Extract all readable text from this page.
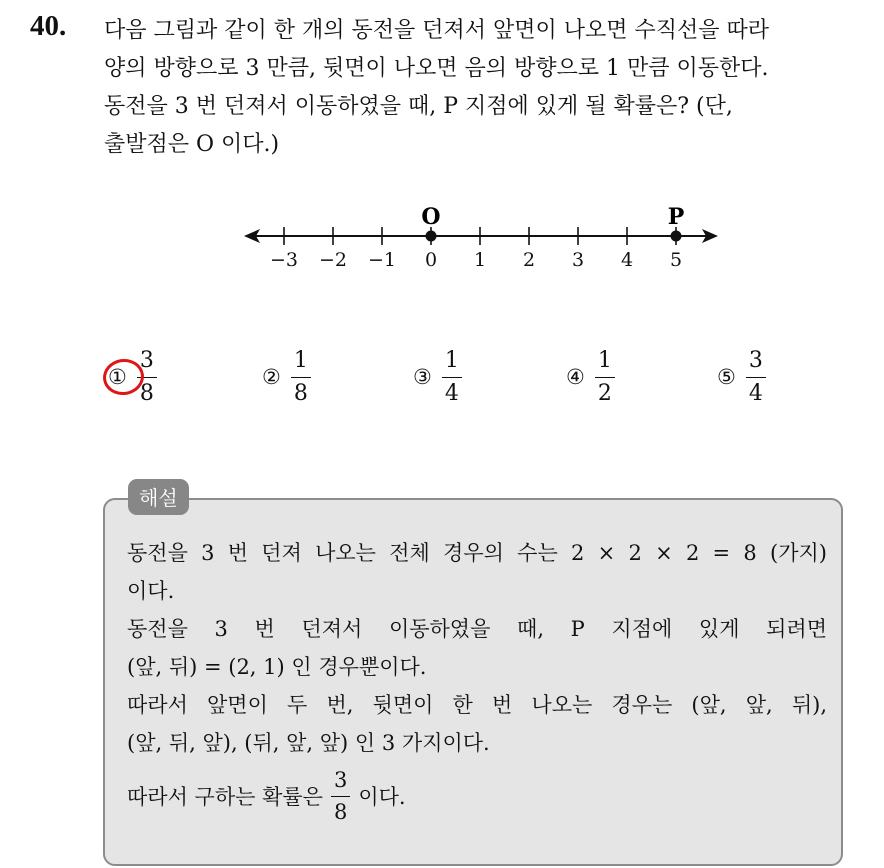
40. 다음 그림과 같이 한 개의 동전을 던져서 앞면이 나오면 수직선을 따라
양의 방향으로 3 만큼, 뒷면이 나오면 음의 방향으로 1 만큼 이동한다.
동전을 3 번 던져서 이동하였을 때, P 지점에 있게 될 확률은? (단,
출발점은 O 이다.)
−3 −2 −1 0 1 2 3 4 5
O	P
① $\frac{3}{8}$	② $\frac{1}{8}$	③ $\frac{1}{4}$	④ $\frac{1}{2}$	⑤ $\frac{3}{4}$
해설
동전을 3 번 던져 나오는 전체 경우의 수는 2 × 2 × 2 = 8 (가지)
이다.
동전을 3 번 던져서 이동하였을 때, P 지점에 있게 되려면
(앞, 뒤) = (2, 1) 인 경우뿐이다.
따라서 앞면이 두 번, 뒷면이 한 번 나오는 경우는 (앞, 앞, 뒤),
(앞, 뒤, 앞), (뒤, 앞, 앞) 인 3 가지이다.
따라서 구하는 확률은 $\frac{3}{8}$ 이다.
